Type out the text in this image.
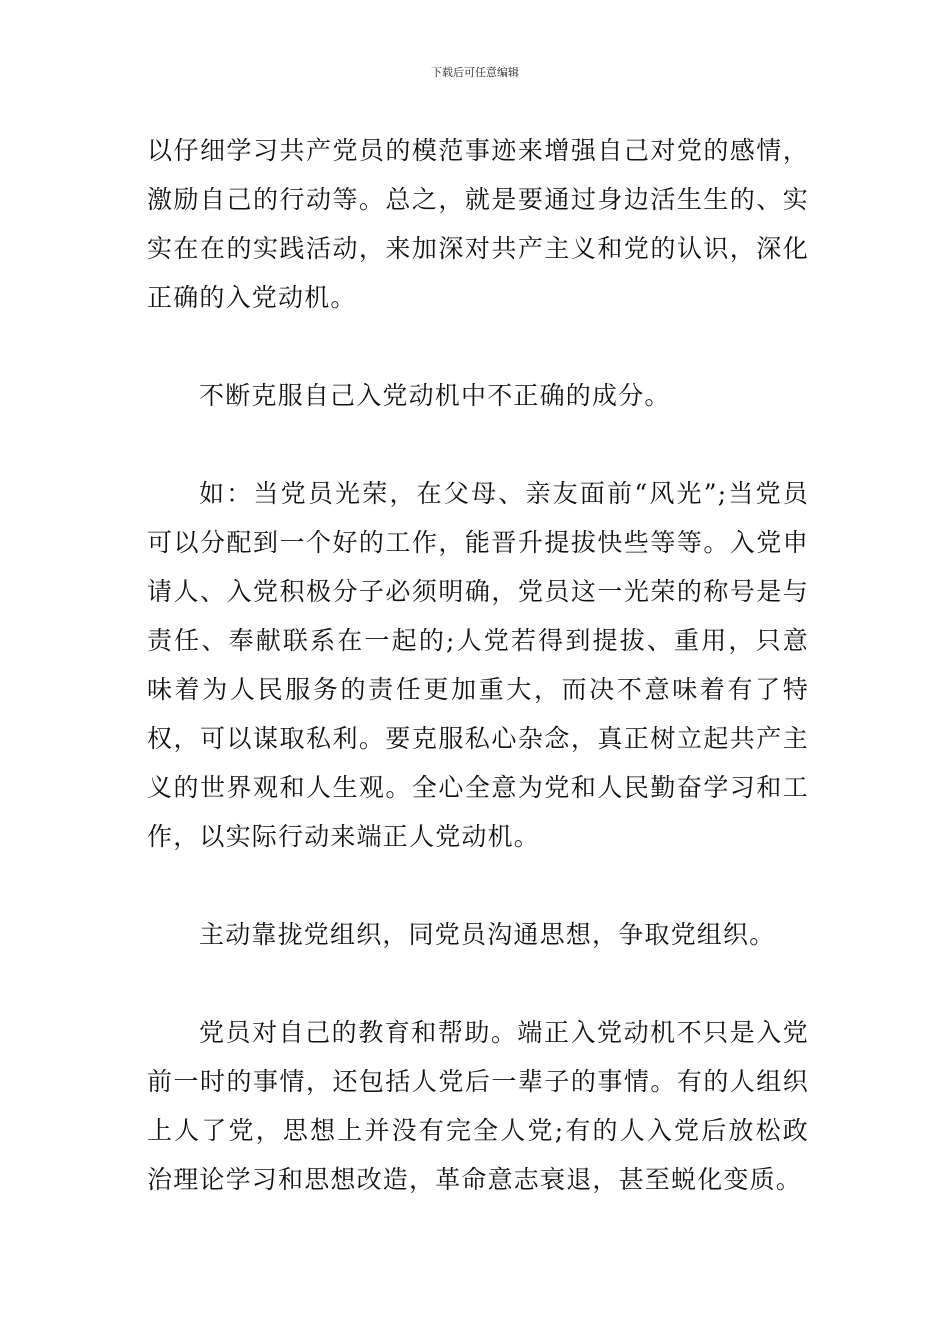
下载后可任意编辑

以仔细学习共产党员的模范事迹来增强自己对党的感情，激励自己的行动等。总之，就是要通过身边活生生的、实实在在的实践活动，来加深对共产主义和党的认识，深化正确的入党动机。

不断克服自己入党动机中不正确的成分。

如：当党员光荣，在父母、亲友面前“风光”;当党员可以分配到一个好的工作，能晋升提拔快些等等。入党申请人、入党积极分子必须明确，党员这一光荣的称号是与责任、奉献联系在一起的;人党若得到提拔、重用，只意味着为人民服务的责任更加重大，而决不意味着有了特权，可以谋取私利。要克服私心杂念，真正树立起共产主义的世界观和人生观。全心全意为党和人民勤奋学习和工作，以实际行动来端正人党动机。

主动靠拢党组织，同党员沟通思想，争取党组织。

党员对自己的教育和帮助。端正入党动机不只是入党前一时的事情，还包括人党后一辈子的事情。有的人组织上人了党，思想上并没有完全人党;有的人入党后放松政治理论学习和思想改造，革命意志衰退，甚至蜕化变质。
